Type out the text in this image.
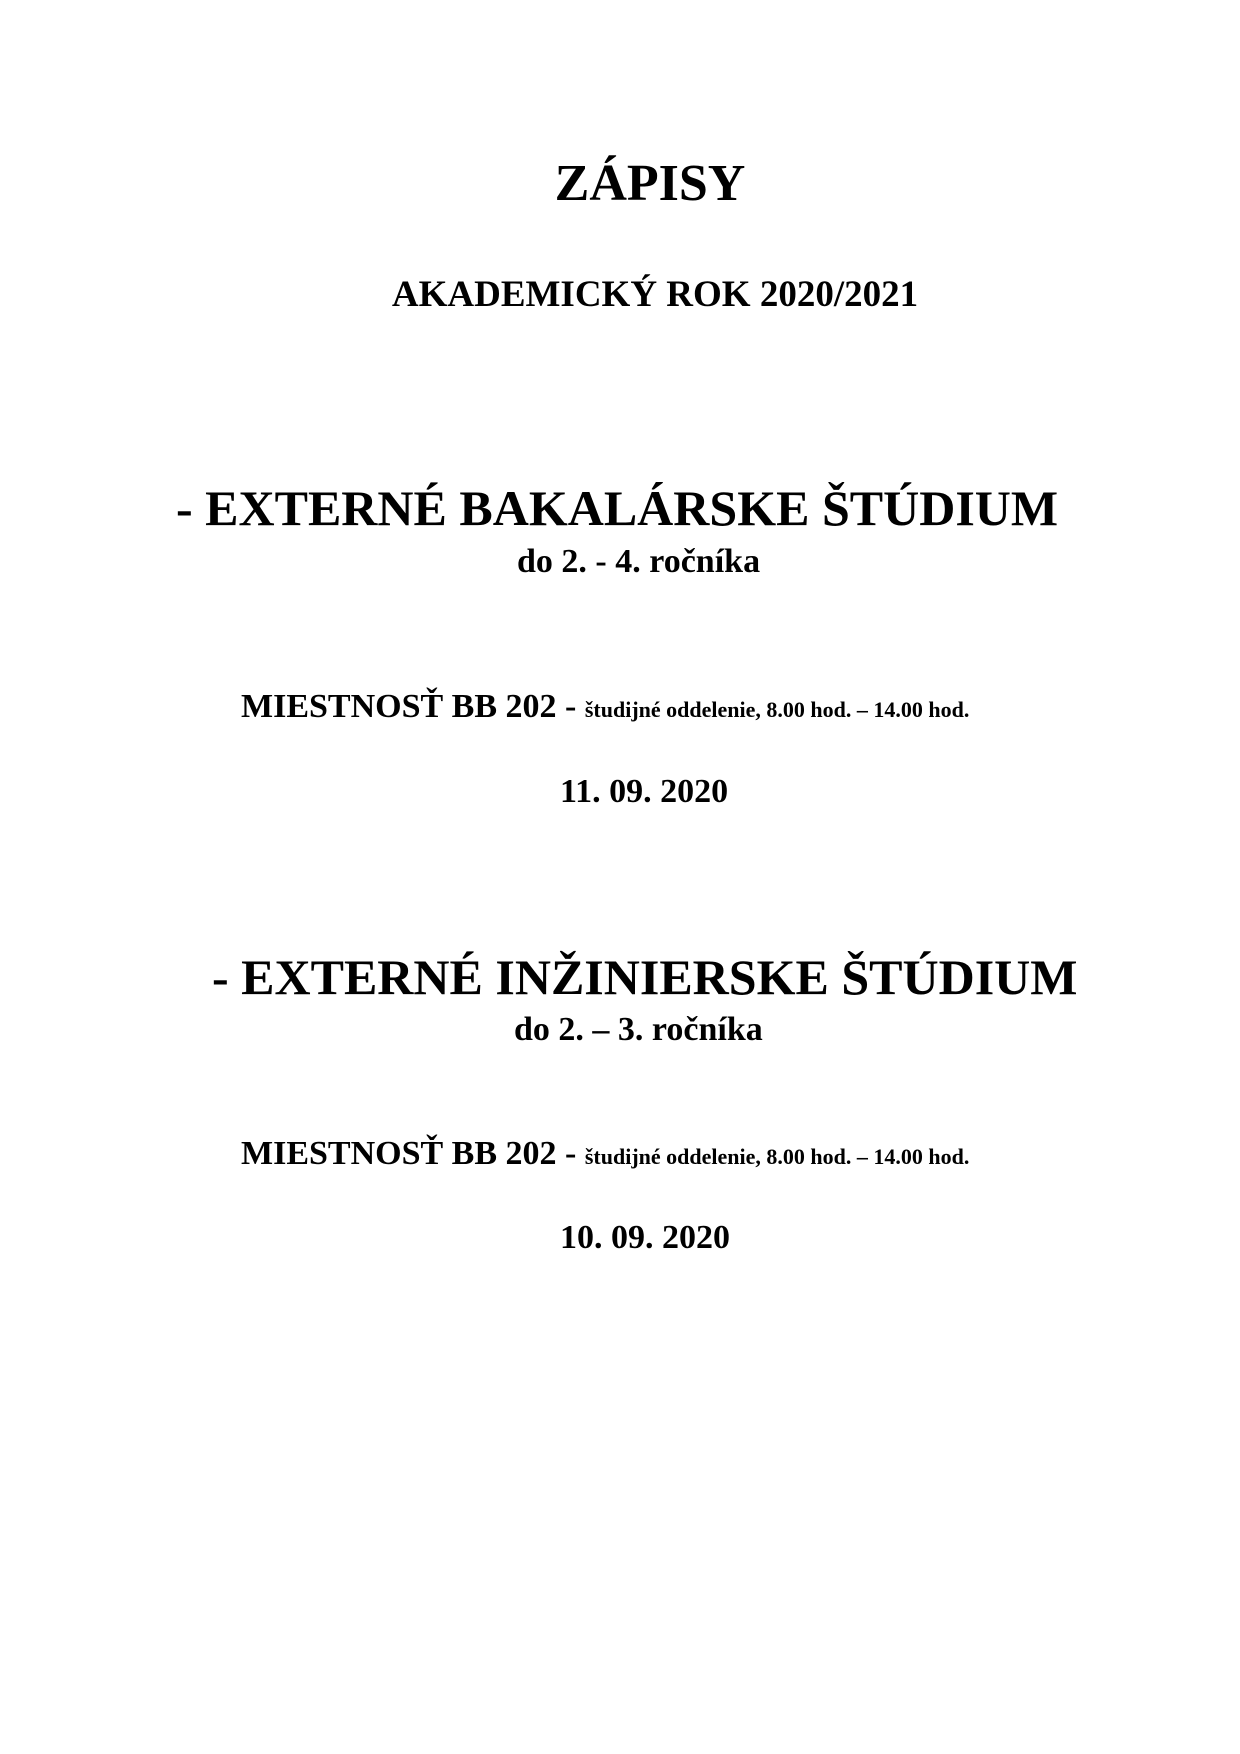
ZÁPISY
AKADEMICKÝ ROK 2020/2021
- EXTERNÉ BAKALÁRSKE ŠTÚDIUM
do 2. - 4. ročníka
MIESTNOSŤ BB 202 - študijné oddelenie, 8.00 hod. – 14.00 hod.
11. 09. 2020
- EXTERNÉ INŽINIERSKE ŠTÚDIUM
do 2. – 3. ročníka
MIESTNOSŤ BB 202 - študijné oddelenie, 8.00 hod. – 14.00 hod.
10. 09. 2020
